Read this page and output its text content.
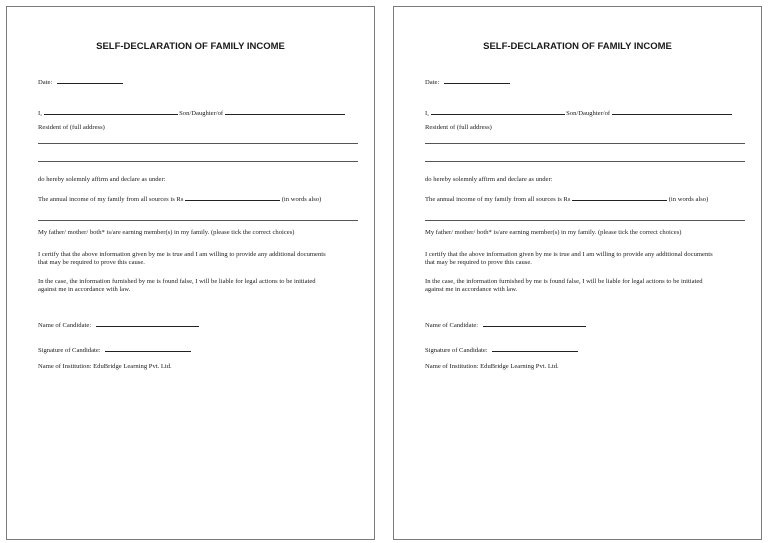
SELF-DECLARATION OF FAMILY INCOME
Date:
I,	Son/Daughter/of
Resident of (full address)
do hereby solemnly affirm and declare as under:
The annual income of my family from all sources is Rs	(in words also)
My father/ mother/ both* is/are earning member(s) in my family. (please tick the correct choices)
I certify that the above information given by me is true and I am willing to provide any additional documents
that may be required to prove this cause.
In the case, the information furnished by me is found false, I will be liable for legal actions to be initiated
against me in accordance with law.
Name of Candidate:
Signature of Candidate:
Name of Institution: EduBridge Learning Pvt. Ltd.
SELF-DECLARATION OF FAMILY INCOME
Date:
I,	Son/Daughter/of
Resident of (full address)
do hereby solemnly affirm and declare as under:
The annual income of my family from all sources is Rs	(in words also)
My father/ mother/ both* is/are earning member(s) in my family. (please tick the correct choices)
I certify that the above information given by me is true and I am willing to provide any additional documents
that may be required to prove this cause.
In the case, the information furnished by me is found false, I will be liable for legal actions to be initiated
against me in accordance with law.
Name of Candidate:
Signature of Candidate:
Name of Institution: EduBridge Learning Pvt. Ltd.
